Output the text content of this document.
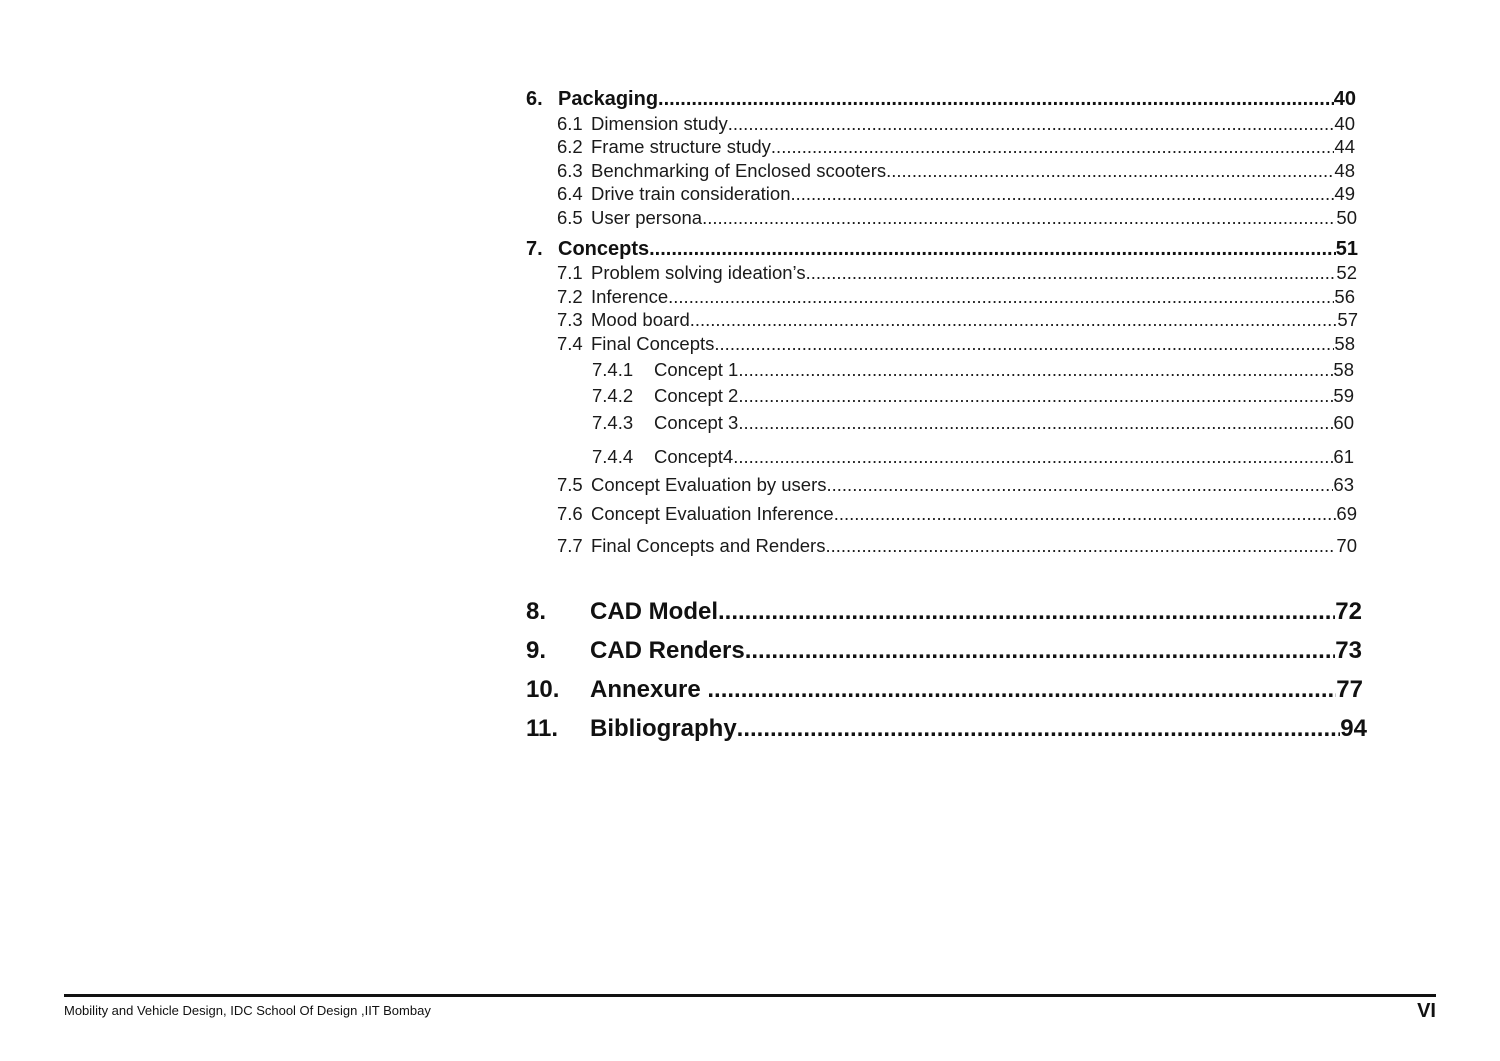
6. Packaging .....	40
6.1 Dimension study .....	40
6.2 Frame structure study .....	44
6.3 Benchmarking of Enclosed scooters .....	48
6.4 Drive train consideration .....	49
6.5 User persona .....	50
7. Concepts .....	51
7.1 Problem solving ideation’s .....	52
7.2 Inference .....	56
7.3 Mood board .....	57
7.4 Final Concepts .....	58
7.4.1	Concept 1 .....	58
7.4.2	Concept 2 .....	59
7.4.3	Concept 3 .....	60
7.4.4	Concept4 .....	61
7.5 Concept Evaluation by users .....	63
7.6 Concept Evaluation Inference .....	69
7.7 Final Concepts and Renders .....	70
8.	CAD Model .....	72
9.	CAD Renders .....	73
10.	Annexure .....	77
11.	Bibliography .....	94
Mobility and Vehicle Design, IDC School Of Design ,IIT Bombay	VI
